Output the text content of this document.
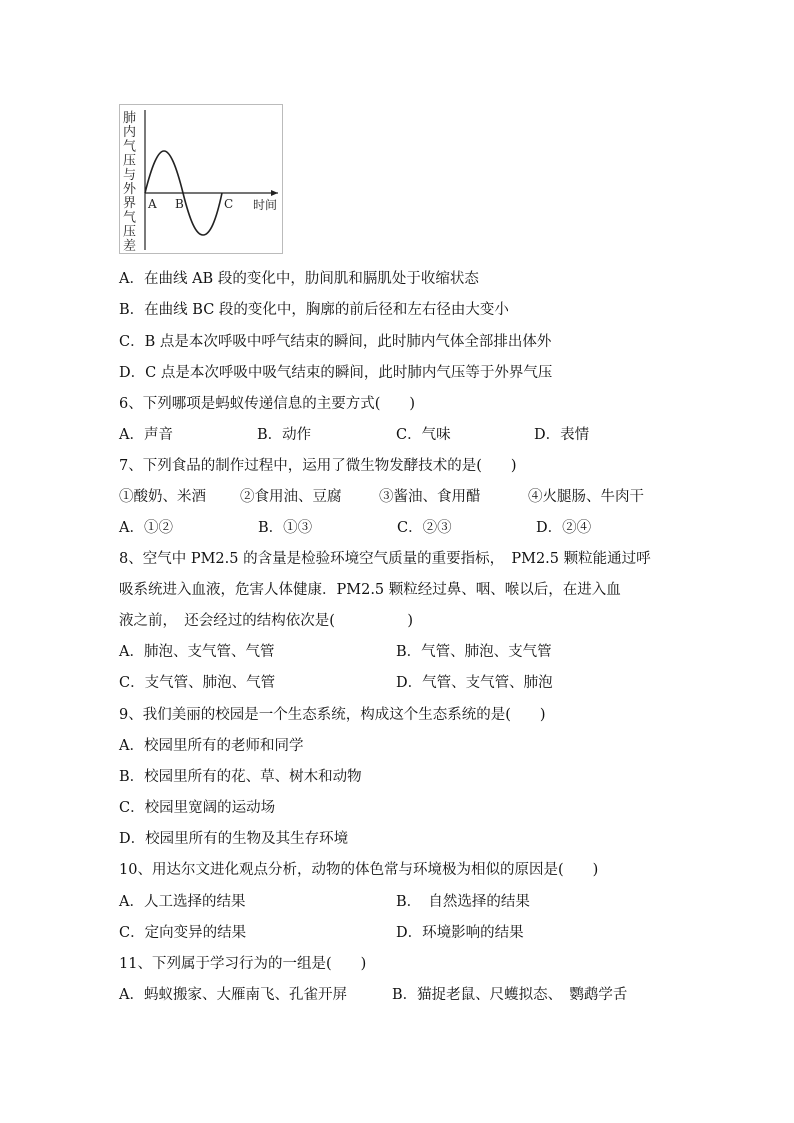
肺内气压与外界气压差
A B	C 时间
A．在曲线 AB 段的变化中，肋间肌和膈肌处于收缩状态
B．在曲线 BC 段的变化中，胸廓的前后径和左右径由大变小
C．B 点是本次呼吸中呼气结束的瞬间，此时肺内气体全部排出体外
D．C 点是本次呼吸中吸气结束的瞬间，此时肺内气压等于外界气压
6、下列哪项是蚂蚁传递信息的主要方式(　　)
A．声音	B．动作	C．气味	D．表情
7、下列食品的制作过程中，运用了微生物发酵技术的是(　　)
①酸奶、米酒 ②食用油、豆腐	③酱油、食用醋	④火腿肠、牛肉干
A．①②	B．①③	C．②③	D．②④
8、空气中 PM2.5 的含量是检验环境空气质量的重要指标，　PM2.5 颗粒能通过呼
吸系统进入血液，危害人体健康．PM2.5 颗粒经过鼻、咽、喉以后，在进入血
液之前，　还会经过的结构依次是(　　　　　)
A．肺泡、支气管、气管	B．气管、肺泡、支气管
C．支气管、肺泡、气管	D．气管、支气管、肺泡
9、我们美丽的校园是一个生态系统，构成这个生态系统的是(　　)
A．校园里所有的老师和同学
B．校园里所有的花、草、树木和动物
C．校园里宽阔的运动场
D．校园里所有的生物及其生存环境
10、用达尔文进化观点分析，动物的体色常与环境极为相似的原因是(　　)
A．人工选择的结果	B．　自然选择的结果
C．定向变异的结果	D．环境影响的结果
11、下列属于学习行为的一组是(　　)
A．蚂蚁搬家、大雁南飞、孔雀开屏	B．猫捉老鼠、尺蠖拟态、　鹦鹉学舌
